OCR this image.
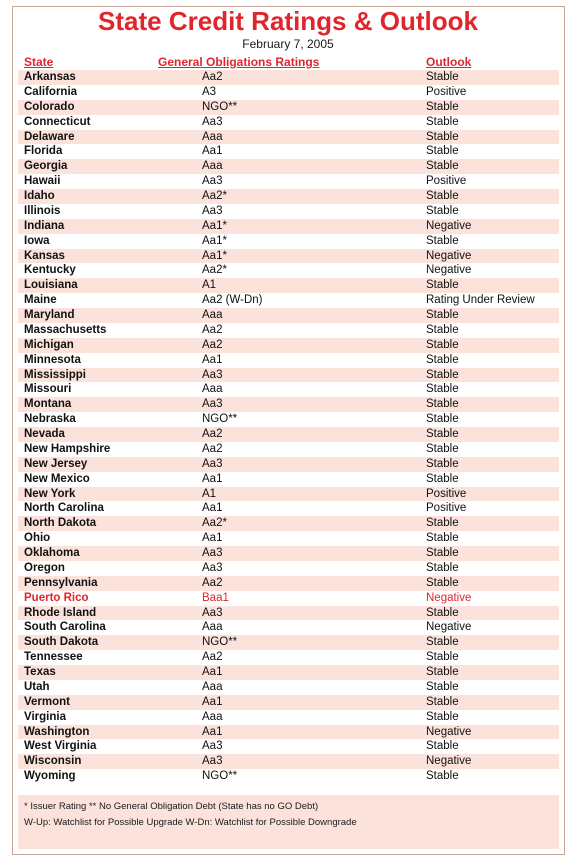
State Credit Ratings & Outlook
February 7, 2005
State	General Obligations Ratings	Outlook
Arkansas	Aa2	Stable
California	A3	Positive
Colorado	NGO**	Stable
Connecticut	Aa3	Stable
Delaware	Aaa	Stable
Florida	Aa1	Stable
Georgia	Aaa	Stable
Hawaii	Aa3	Positive
Idaho	Aa2*	Stable
Illinois	Aa3	Stable
Indiana	Aa1*	Negative
Iowa	Aa1*	Stable
Kansas	Aa1*	Negative
Kentucky	Aa2*	Negative
Louisiana	A1	Stable
Maine	Aa2 (W-Dn)	Rating Under Review
Maryland	Aaa	Stable
Massachusetts	Aa2	Stable
Michigan	Aa2	Stable
Minnesota	Aa1	Stable
Mississippi	Aa3	Stable
Missouri	Aaa	Stable
Montana	Aa3	Stable
Nebraska	NGO**	Stable
Nevada	Aa2	Stable
New Hampshire	Aa2	Stable
New Jersey	Aa3	Stable
New Mexico	Aa1	Stable
New York	A1	Positive
North Carolina	Aa1	Positive
North Dakota	Aa2*	Stable
Ohio	Aa1	Stable
Oklahoma	Aa3	Stable
Oregon	Aa3	Stable
Pennsylvania	Aa2	Stable
Puerto Rico	Baa1	Negative
Rhode Island	Aa3	Stable
South Carolina	Aaa	Negative
South Dakota	NGO**	Stable
Tennessee	Aa2	Stable
Texas	Aa1	Stable
Utah	Aaa	Stable
Vermont	Aa1	Stable
Virginia	Aaa	Stable
Washington	Aa1	Negative
West Virginia	Aa3	Stable
Wisconsin	Aa3	Negative
Wyoming	NGO**	Stable
* Issuer Rating ** No General Obligation Debt (State has no GO Debt)
W-Up: Watchlist for Possible Upgrade W-Dn: Watchlist for Possible Downgrade
